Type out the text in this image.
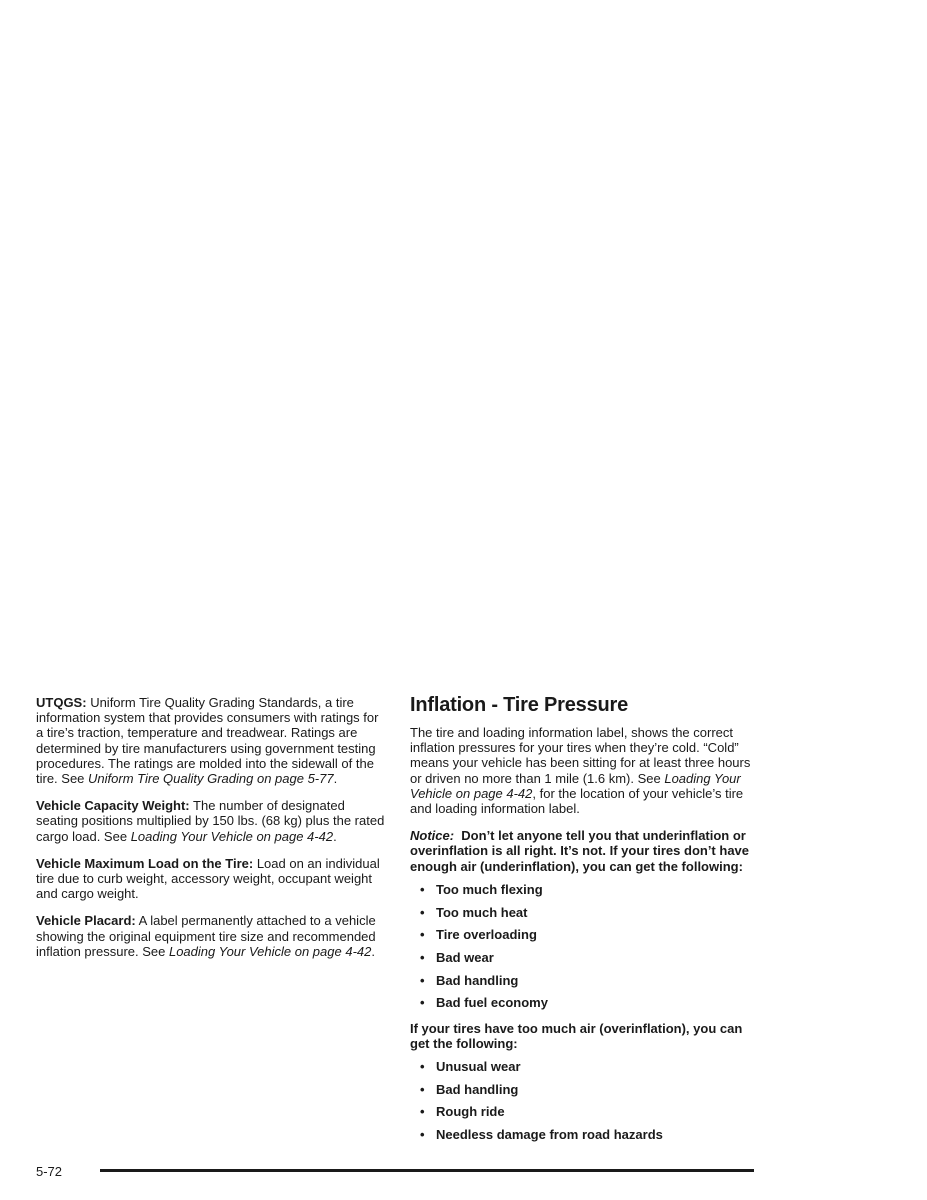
UTQGS: Uniform Tire Quality Grading Standards, a tire information system that provides consumers with ratings for a tire’s traction, temperature and treadwear. Ratings are determined by tire manufacturers using government testing procedures. The ratings are molded into the sidewall of the tire. See Uniform Tire Quality Grading on page 5-77.

Vehicle Capacity Weight: The number of designated seating positions multiplied by 150 lbs. (68 kg) plus the rated cargo load. See Loading Your Vehicle on page 4-42.

Vehicle Maximum Load on the Tire: Load on an individual tire due to curb weight, accessory weight, occupant weight and cargo weight.

Vehicle Placard: A label permanently attached to a vehicle showing the original equipment tire size and recommended inflation pressure. See Loading Your Vehicle on page 4-42.

Inflation - Tire Pressure

The tire and loading information label, shows the correct inflation pressures for your tires when they’re cold. “Cold” means your vehicle has been sitting for at least three hours or driven no more than 1 mile (1.6 km). See Loading Your Vehicle on page 4-42, for the location of your vehicle’s tire and loading information label.

Notice: Don’t let anyone tell you that underinflation or overinflation is all right. It’s not. If your tires don’t have enough air (underinflation), you can get the following:

• Too much flexing
• Too much heat
• Tire overloading
• Bad wear
• Bad handling
• Bad fuel economy

If your tires have too much air (overinflation), you can get the following:

• Unusual wear
• Bad handling
• Rough ride
• Needless damage from road hazards
5-72
